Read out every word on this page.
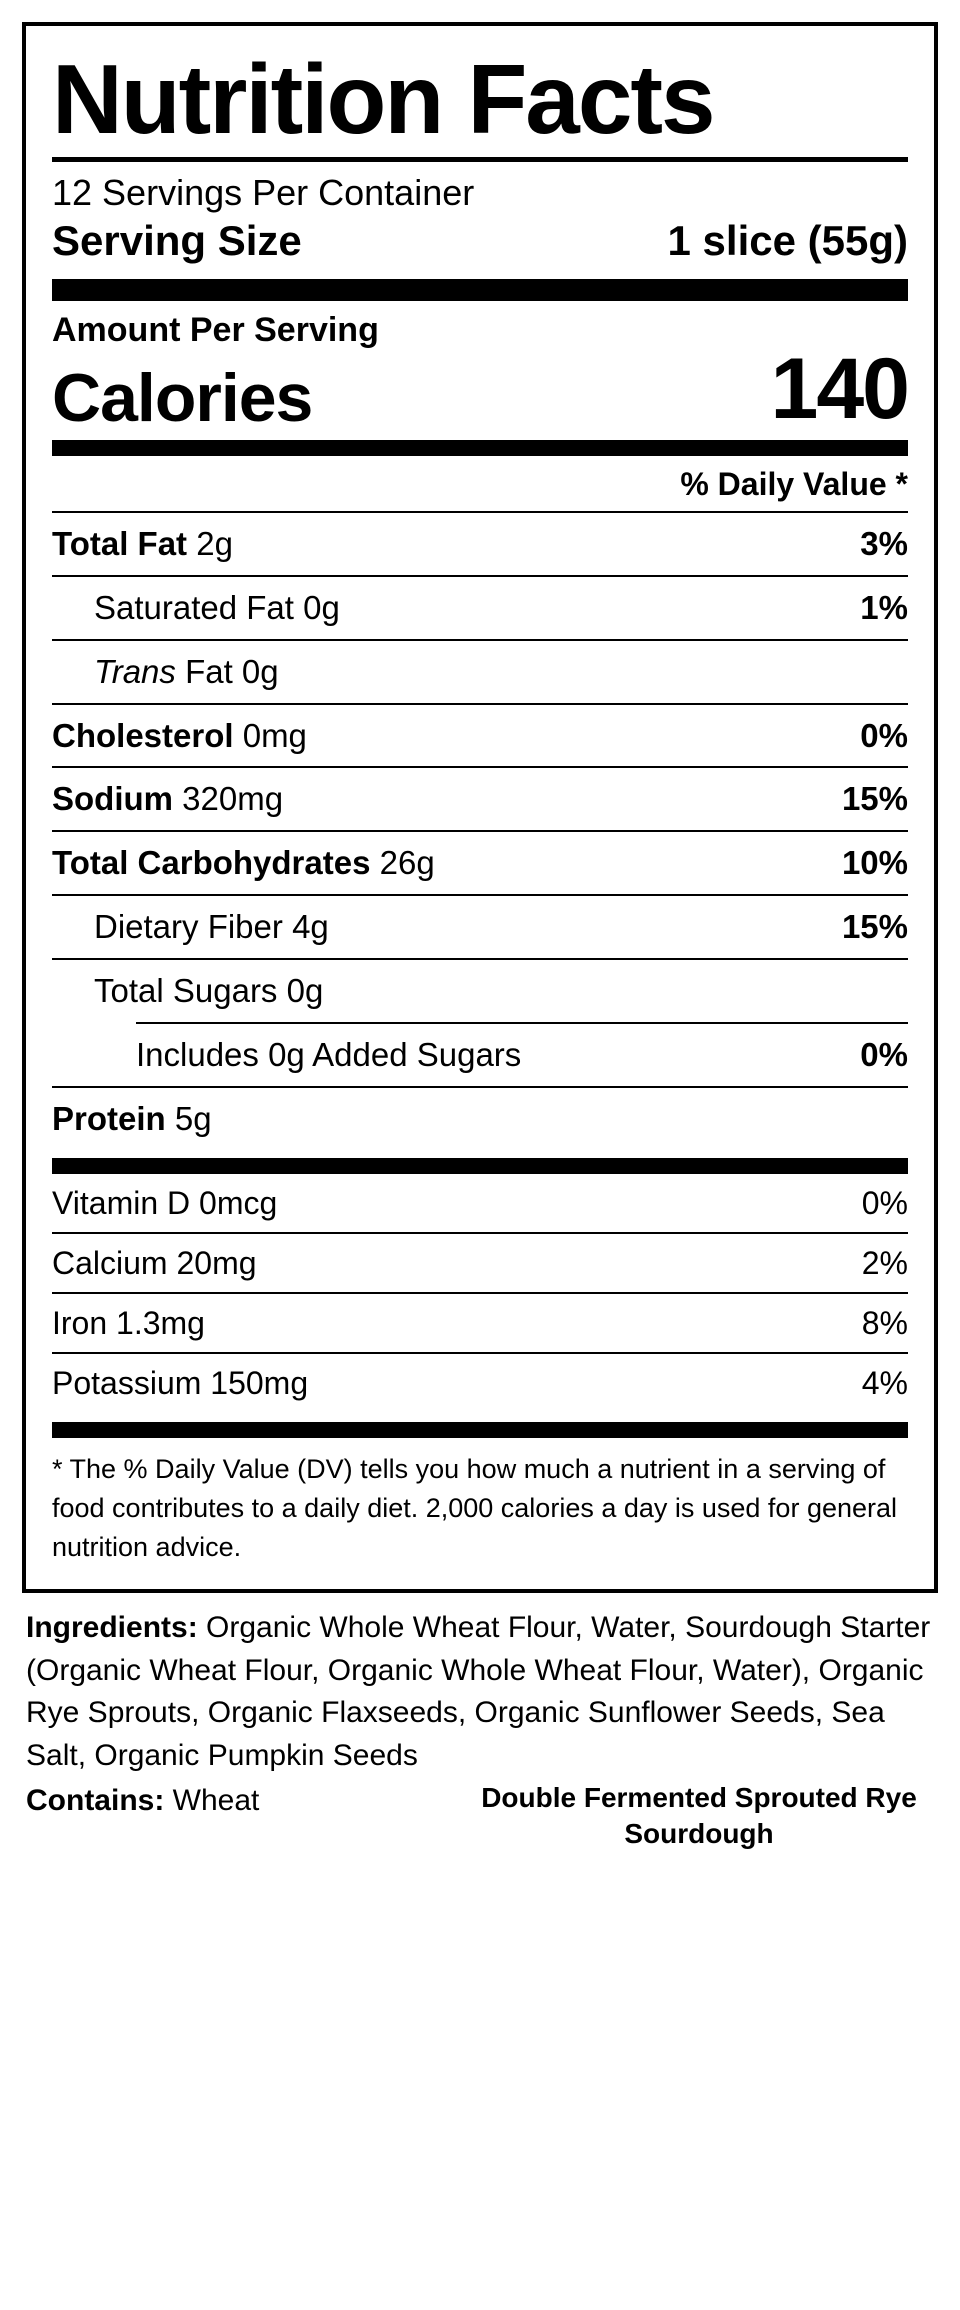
Nutrition Facts
12 Servings Per Container
Serving Size	1 slice (55g)
Amount Per Serving
Calories	140
% Daily Value *
Total Fat 2g	3%
Saturated Fat 0g	1%
Trans Fat 0g
Cholesterol 0mg	0%
Sodium 320mg	15%
Total Carbohydrates 26g	10%
Dietary Fiber 4g	15%
Total Sugars 0g
Includes 0g Added Sugars	0%
Protein 5g
Vitamin D 0mcg	0%
Calcium 20mg	2%
Iron 1.3mg	8%
Potassium 150mg	4%
* The % Daily Value (DV) tells you how much a nutrient in a serving of food contributes to a daily diet. 2,000 calories a day is used for general nutrition advice.
Ingredients: Organic Whole Wheat Flour, Water, Sourdough Starter (Organic Wheat Flour, Organic Whole Wheat Flour, Water), Organic Rye Sprouts, Organic Flaxseeds, Organic Sunflower Seeds, Sea Salt, Organic Pumpkin Seeds
Contains: Wheat	Double Fermented Sprouted Rye Sourdough
